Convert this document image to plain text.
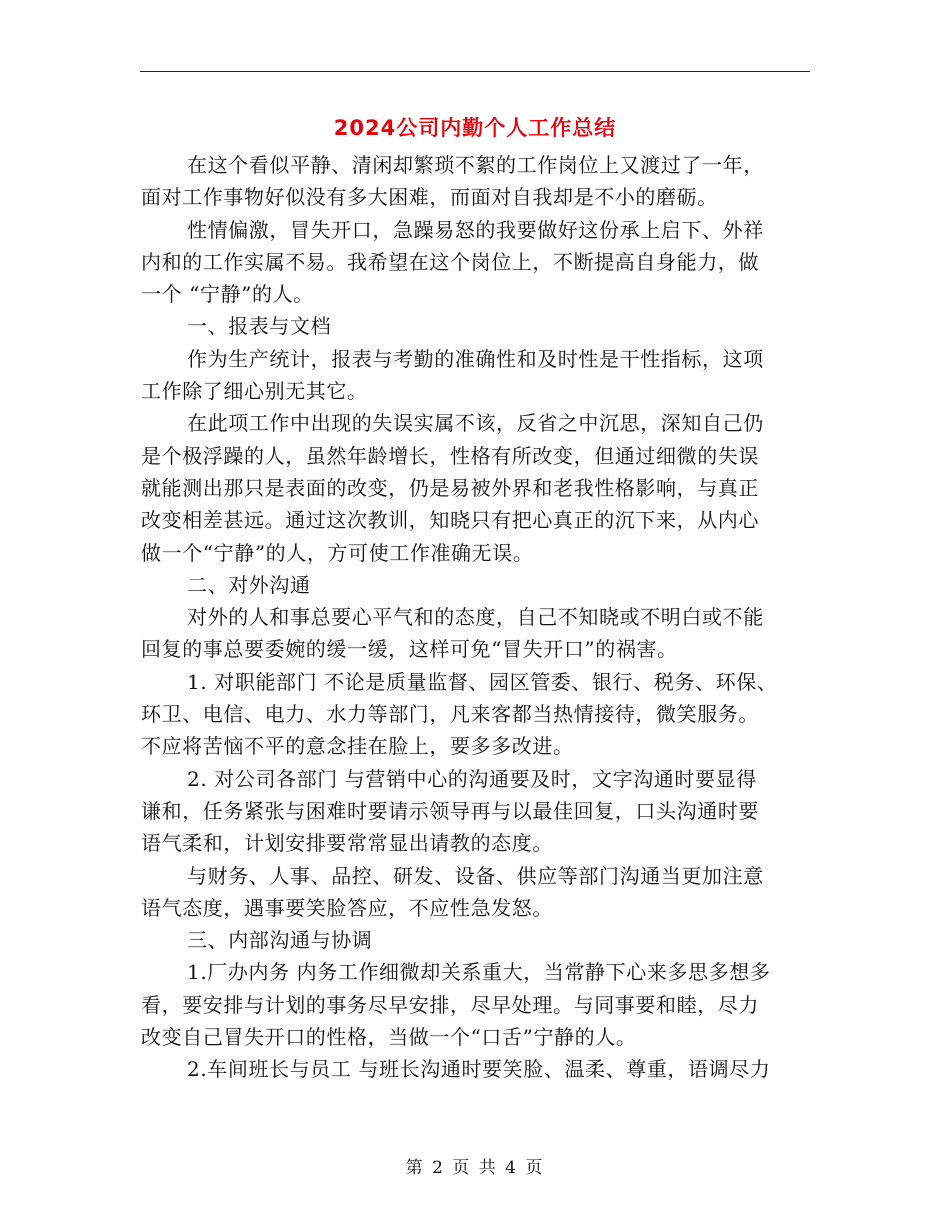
2024公司内勤个人工作总结
在这个看似平静、清闲却繁琐不絮的工作岗位上又渡过了一年，
面对工作事物好似没有多大困难，而面对自我却是不小的磨砺。
性情偏激，冒失开口，急躁易怒的我要做好这份承上启下、外祥
内和的工作实属不易。我希望在这个岗位上，不断提高自身能力，做
一个 “宁静”的人。
一、报表与文档
作为生产统计，报表与考勤的准确性和及时性是干性指标，这项
工作除了细心别无其它。
在此项工作中出现的失误实属不该，反省之中沉思，深知自己仍
是个极浮躁的人，虽然年龄增长，性格有所改变，但通过细微的失误
就能测出那只是表面的改变，仍是易被外界和老我性格影响，与真正
改变相差甚远。通过这次教训，知晓只有把心真正的沉下来，从内心
做一个“宁静”的人，方可使工作准确无误。
二、对外沟通
对外的人和事总要心平气和的态度，自己不知晓或不明白或不能
回复的事总要委婉的缓一缓，这样可免“冒失开口”的祸害。
1. 对职能部门 不论是质量监督、园区管委、银行、税务、环保、
环卫、电信、电力、水力等部门，凡来客都当热情接待，微笑服务。
不应将苦恼不平的意念挂在脸上，要多多改进。
2. 对公司各部门 与营销中心的沟通要及时，文字沟通时要显得
谦和，任务紧张与困难时要请示领导再与以最佳回复，口头沟通时要
语气柔和，计划安排要常常显出请教的态度。
与财务、人事、品控、研发、设备、供应等部门沟通当更加注意
语气态度，遇事要笑脸答应，不应性急发怒。
三、内部沟通与协调
1.厂办内务 内务工作细微却关系重大，当常静下心来多思多想多
看，要安排与计划的事务尽早安排，尽早处理。与同事要和睦，尽力
改变自己冒失开口的性格，当做一个“口舌”宁静的人。
2.车间班长与员工 与班长沟通时要笑脸、温柔、尊重，语调尽力
第 2 页 共 4 页
